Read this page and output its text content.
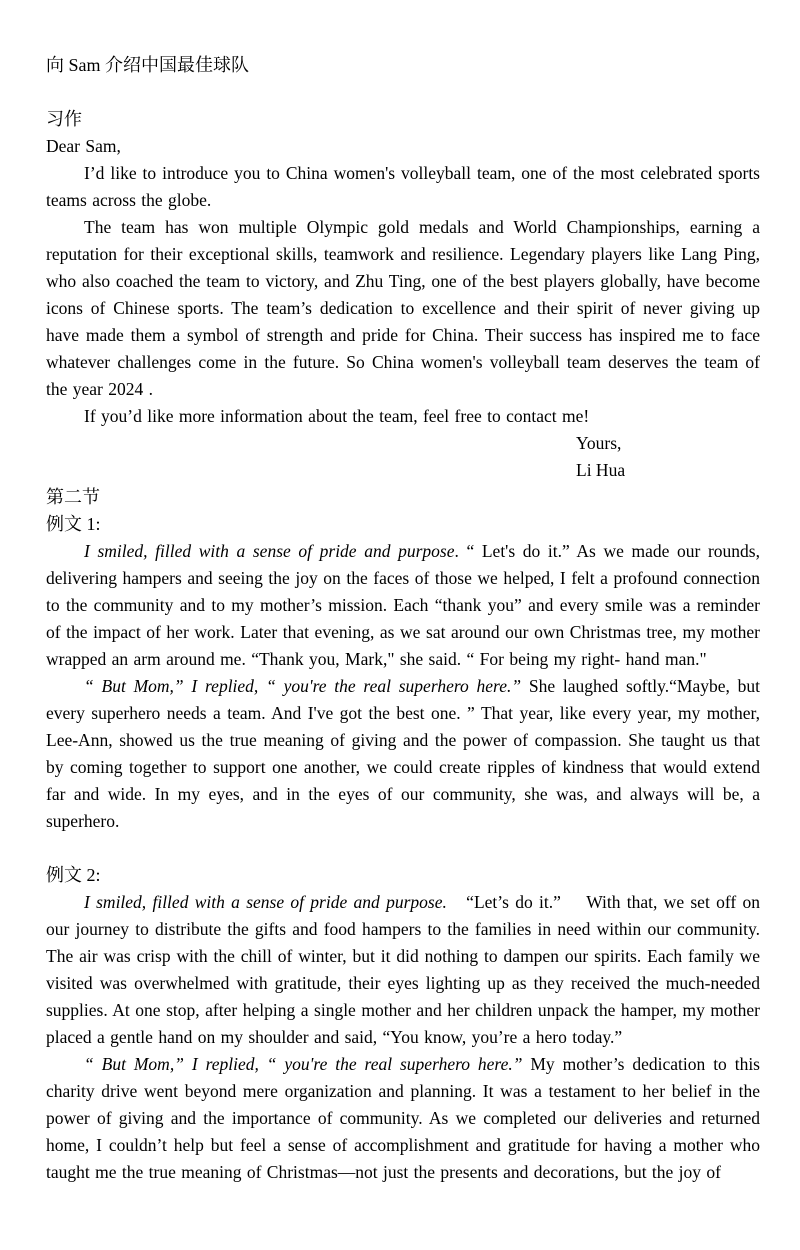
向 Sam 介绍中国最佳球队
习作

Dear Sam,

I’d like to introduce you to China women's volleyball team, one of the most celebrated sports teams across the globe.

The team has won multiple Olympic gold medals and World Championships, earning a reputation for their exceptional skills, teamwork and resilience. Legendary players like Lang Ping, who also coached the team to victory, and Zhu Ting, one of the best players globally, have become icons of Chinese sports. The team’s dedication to excellence and their spirit of never giving up have made them a symbol of strength and pride for China. Their success has inspired me to face whatever challenges come in the future. So China women's volleyball team deserves the team of the year 2024 .

If you’d like more information about the team, feel free to contact me!

Yours,

Li Hua

第二节
例文 1:

I smiled, filled with a sense of pride and purpose. “ Let's do it.” As we made our rounds, delivering hampers and seeing the joy on the faces of those we helped, I felt a profound connection to the community and to my mother’s mission. Each “thank you” and every smile was a reminder of the impact of her work. Later that evening, as we sat around our own Christmas tree, my mother wrapped an arm around me. “Thank you, Mark," she said. “ For being my right- hand man."

“ But Mom,” I replied, “ you're the real superhero here.” She laughed softly.“Maybe, but every superhero needs a team. And I've got the best one. ” That year, like every year, my mother, Lee-Ann, showed us the true meaning of giving and the power of compassion. She taught us that by coming together to support one another, we could create ripples of kindness that would extend far and wide. In my eyes, and in the eyes of our community, she was, and always will be, a superhero.

例文 2:

I smiled, filled with a sense of pride and purpose.　“Let’s do it.”　 With that, we set off on our journey to distribute the gifts and food hampers to the families in need within our community. The air was crisp with the chill of winter, but it did nothing to dampen our spirits. Each family we visited was overwhelmed with gratitude, their eyes lighting up as they received the much-needed supplies. At one stop, after helping a single mother and her children unpack the hamper, my mother placed a gentle hand on my shoulder and said, “You know, you’re a hero today.”

“ But Mom,” I replied, “ you're the real superhero here.” My mother’s dedication to this charity drive went beyond mere organization and planning. It was a testament to her belief in the power of giving and the importance of community. As we completed our deliveries and returned home, I couldn’t help but feel a sense of accomplishment and gratitude for having a mother who taught me the true meaning of Christmas—not just the presents and decorations, but the joy of
